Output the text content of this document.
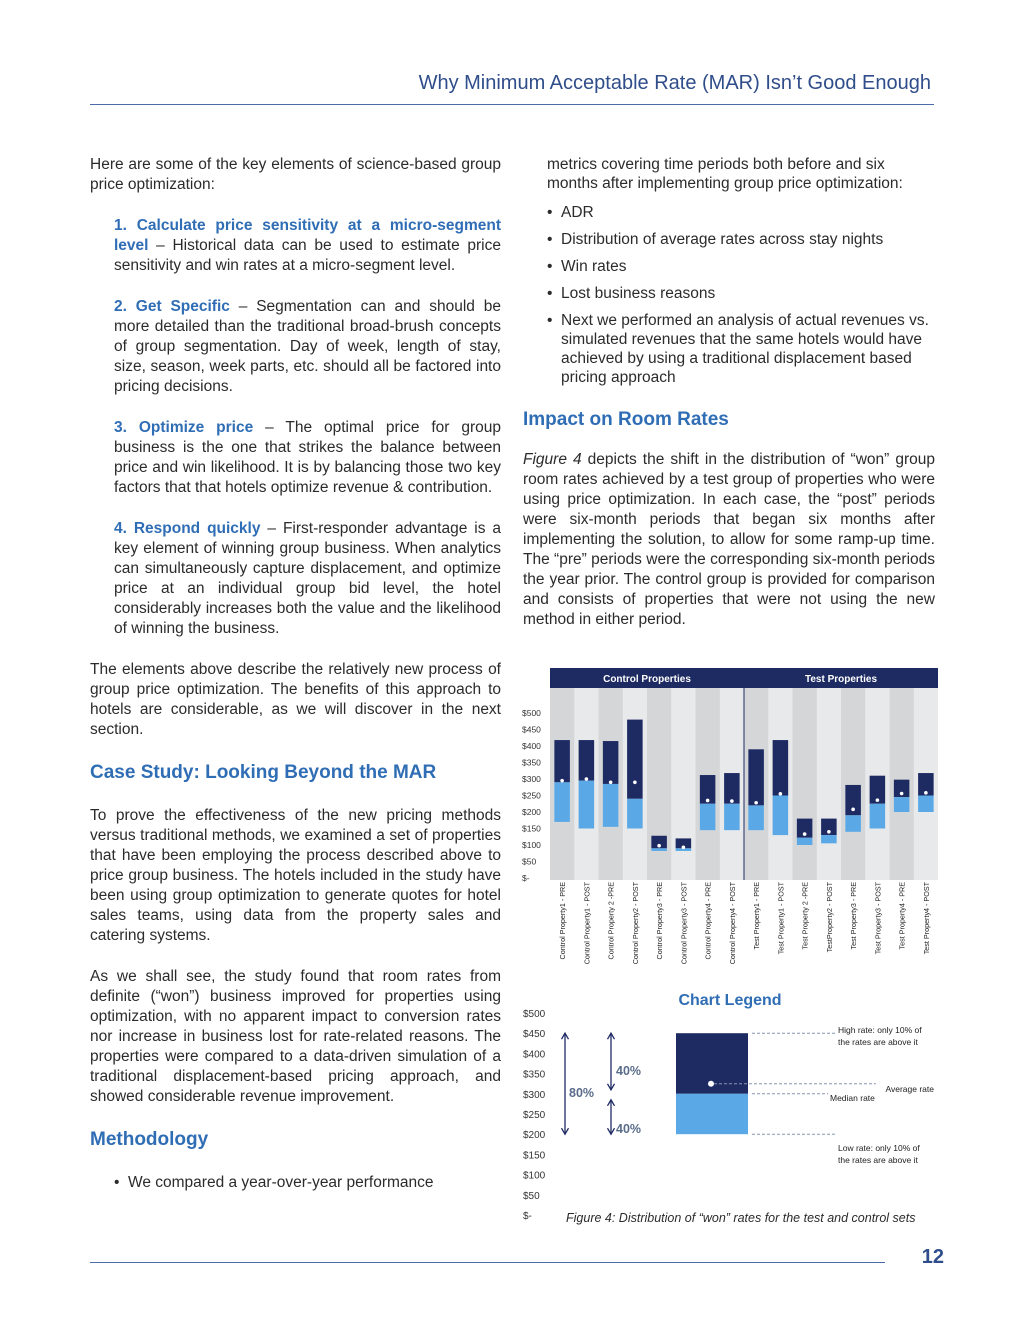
Why Minimum Acceptable Rate (MAR) Isn’t Good Enough

Here are some of the key elements of science-based group price optimization:

1. Calculate price sensitivity at a micro-segment level – Historical data can be used to estimate price sensitivity and win rates at a micro-segment level.

2. Get Specific – Segmentation can and should be more detailed than the traditional broad-brush concepts of group segmentation. Day of week, length of stay, size, season, week parts, etc. should all be factored into pricing decisions.

3. Optimize price – The optimal price for group business is the one that strikes the balance between price and win likelihood. It is by balancing those two key factors that that hotels optimize revenue & contribution.

4. Respond quickly – First-responder advantage is a key element of winning group business. When analytics can simultaneously capture displacement, and optimize price at an individual group bid level, the hotel considerably increases both the value and the likelihood of winning the business.

The elements above describe the relatively new process of group price optimization. The benefits of this approach to hotels are considerable, as we will discover in the next section.

Case Study: Looking Beyond the MAR

To prove the effectiveness of the new pricing methods versus traditional methods, we examined a set of properties that have been employing the process described above to price group business. The hotels included in the study have been using group optimization to generate quotes for hotel sales teams, using data from the property sales and catering systems.

As we shall see, the study found that room rates from definite (“won”) business improved for properties using optimization, with no apparent impact to conversion rates nor increase in business lost for rate-related reasons. The properties were compared to a data-driven simulation of a traditional displacement-based pricing approach, and showed considerable revenue improvement.

Methodology
• We compared a year-over-year performance

metrics covering time periods both before and six months after implementing group price optimization:

• ADR
• Distribution of average rates across stay nights
• Win rates
• Lost business reasons
• Next we performed an analysis of actual revenues vs. simulated revenues that the same hotels would have achieved by using a traditional displacement based pricing approach
Impact on Room Rates

Figure 4 depicts the shift in the distribution of “won” group room rates achieved by a test group of properties who were using price optimization. In each case, the “post” periods were six-month periods that began six months after implementing the solution, to allow for some ramp-up time. The “pre” periods were the corresponding six-month periods the year prior. The control group is provided for comparison and consists of properties that were not using the new method in either period.

Control Properties	Test Properties
$-
$50
$100
$150
$200
$250
$300
$350
$400
$450
$500
Control Property1 - PRE Control Property1 - POST Control Property 2 -PRE Control Property2 - POST Control Property3 - PRE Control Property3 - POST Control Property4 - PRE Control Property4 - POST Test Property1 - PRE Test Property1 - POST Test Property 2 -PRE TestProperty2 - POST Test Property3 - PRE Test Property3 - POST Test Property4 - PRE Test Property4 - POST
Chart Legend
$-
$50
$100
$150
$200
$250
$300
$350
$400
$450
$500
80%
40%
40%
High rate: only 10% of
the rates are above it
Average rate
Median rate
Low rate: only 10% of
the rates are above it
Figure 4: Distribution of “won” rates for the test and control sets
12
